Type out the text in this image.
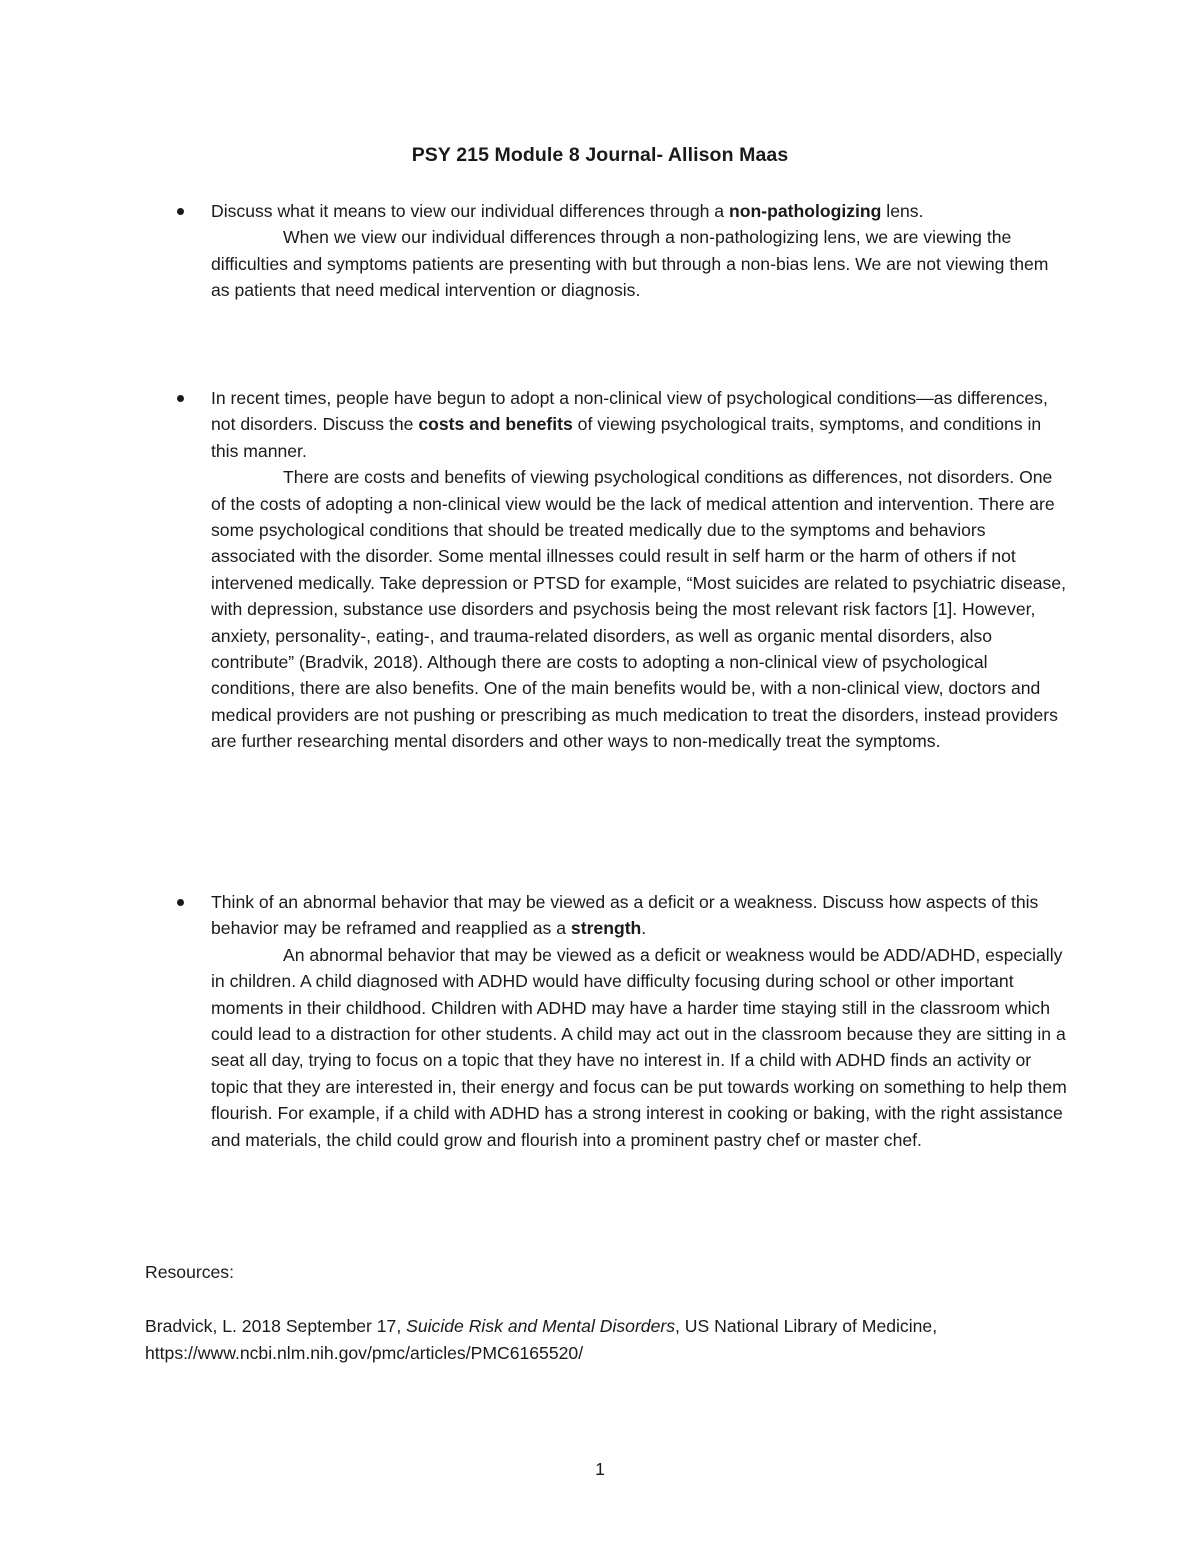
PSY 215 Module 8 Journal- Allison Maas
Discuss what it means to view our individual differences through a non-pathologizing lens.
When we view our individual differences through a non-pathologizing lens, we are viewing the difficulties and symptoms patients are presenting with but through a non-bias lens. We are not viewing them as patients that need medical intervention or diagnosis.
In recent times, people have begun to adopt a non-clinical view of psychological conditions—as differences, not disorders. Discuss the costs and benefits of viewing psychological traits, symptoms, and conditions in this manner.
There are costs and benefits of viewing psychological conditions as differences, not disorders. One of the costs of adopting a non-clinical view would be the lack of medical attention and intervention. There are some psychological conditions that should be treated medically due to the symptoms and behaviors associated with the disorder. Some mental illnesses could result in self harm or the harm of others if not intervened medically. Take depression or PTSD for example, “Most suicides are related to psychiatric disease, with depression, substance use disorders and psychosis being the most relevant risk factors [1]. However, anxiety, personality-, eating-, and trauma-related disorders, as well as organic mental disorders, also contribute” (Bradvik, 2018). Although there are costs to adopting a non-clinical view of psychological conditions, there are also benefits. One of the main benefits would be, with a non-clinical view, doctors and medical providers are not pushing or prescribing as much medication to treat the disorders, instead providers are further researching mental disorders and other ways to non-medically treat the symptoms.
Think of an abnormal behavior that may be viewed as a deficit or a weakness. Discuss how aspects of this behavior may be reframed and reapplied as a strength.
An abnormal behavior that may be viewed as a deficit or weakness would be ADD/ADHD, especially in children. A child diagnosed with ADHD would have difficulty focusing during school or other important moments in their childhood. Children with ADHD may have a harder time staying still in the classroom which could lead to a distraction for other students. A child may act out in the classroom because they are sitting in a seat all day, trying to focus on a topic that they have no interest in. If a child with ADHD finds an activity or topic that they are interested in, their energy and focus can be put towards working on something to help them flourish. For example, if a child with ADHD has a strong interest in cooking or baking, with the right assistance and materials, the child could grow and flourish into a prominent pastry chef or master chef.
Resources:
Bradvick, L. 2018 September 17, Suicide Risk and Mental Disorders, US National Library of Medicine,
https://www.ncbi.nlm.nih.gov/pmc/articles/PMC6165520/
1
